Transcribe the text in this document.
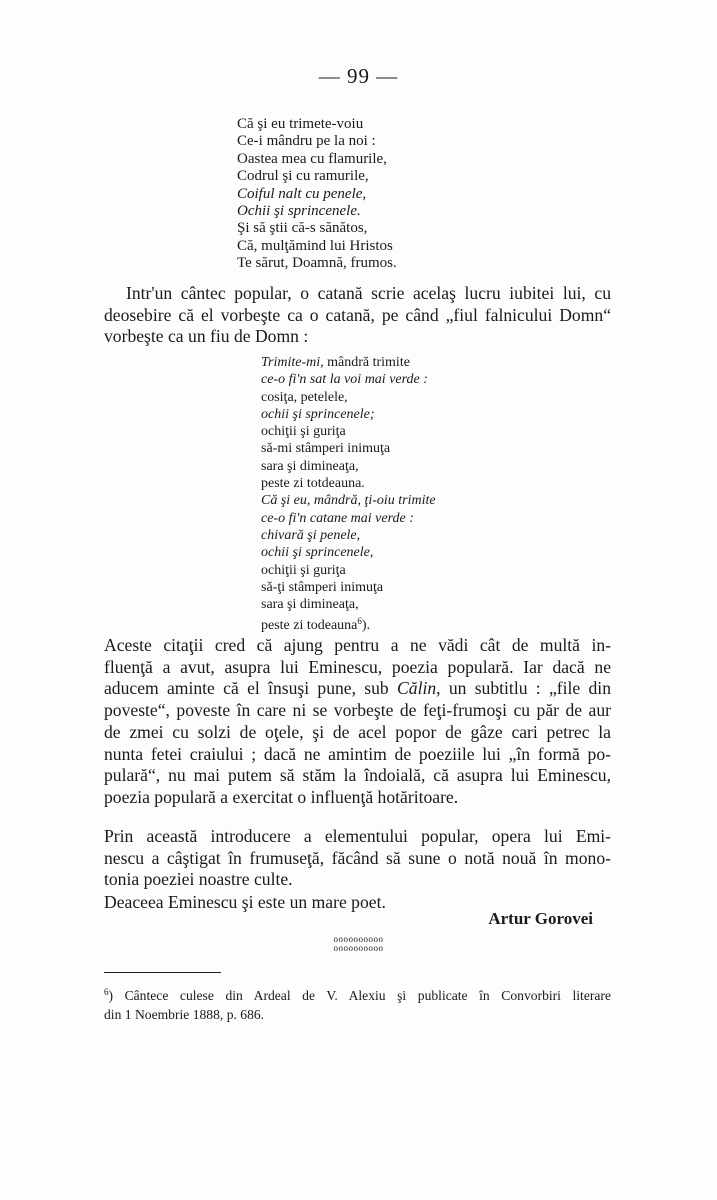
— 99 —
Că şi eu trimete-voiu
Ce-i mândru pe la noi :
Oastea mea cu flamurile,
Codrul şi cu ramurile,
Coiful nalt cu penele,
Ochii şi sprincenele.
Şi să ştii că-s sănătos,
Că, mulţămind lui Hristos
Te sărut, Doamnă, frumos.
Intr'un cântec popular, o catană scrie acelaş lucru iubitei lui, cu
deosebire că el vorbeşte ca o catană, pe când „fiul falnicului Domn“
vorbeşte ca un fiu de Domn :
Trimite-mi, mândră trimite
ce-o fi'n sat la voi mai verde :
cosiţa, petelele,
ochii şi sprincenele;
ochiţii şi guriţa
să-mi stâmperi inimuţa
sara şi dimineaţa,
peste zi totdeauna.
Că şi eu, mândră, ţi-oiu trimite
ce-o fi'n catane mai verde :
chivară şi penele,
ochii şi sprincenele,
ochiţii şi guriţa
să-ţi stâmperi inimuţa
sara şi dimineaţa,
peste zi todeauna$^6$).
Aceste citaţii cred că ajung pentru a ne vădi cât de multă in-
fluenţă a avut, asupra lui Eminescu, poezia populară. Iar dacă ne
aducem aminte că el însuşi pune, sub Călin, un subtitlu : „file din
poveste“, poveste în care ni se vorbeşte de feţi-frumoşi cu păr de aur
de zmei cu solzi de oţele, şi de acel popor de gâze cari petrec la
nunta fetei craiului ; dacă ne amintim de poeziile lui „în formă po-
pulară“, nu mai putem să stăm la îndoială, că asupra lui Eminescu,
poezia populară a exercitat o influenţă hotăritoare.
Prin această introducere a elementului popular, opera lui Emi-
nescu a câştigat în frumuseţă, făcând să sune o notă nouă în mono-
tonia poeziei noastre culte.
Deaceea Eminescu şi este un mare poet.
Artur Gorovei
oooooooooo
oooooooooo
$^6$) Cântece culese din Ardeal de V. Alexiu şi publicate în Convorbiri literare
din 1 Noembrie 1888, p. 686.
